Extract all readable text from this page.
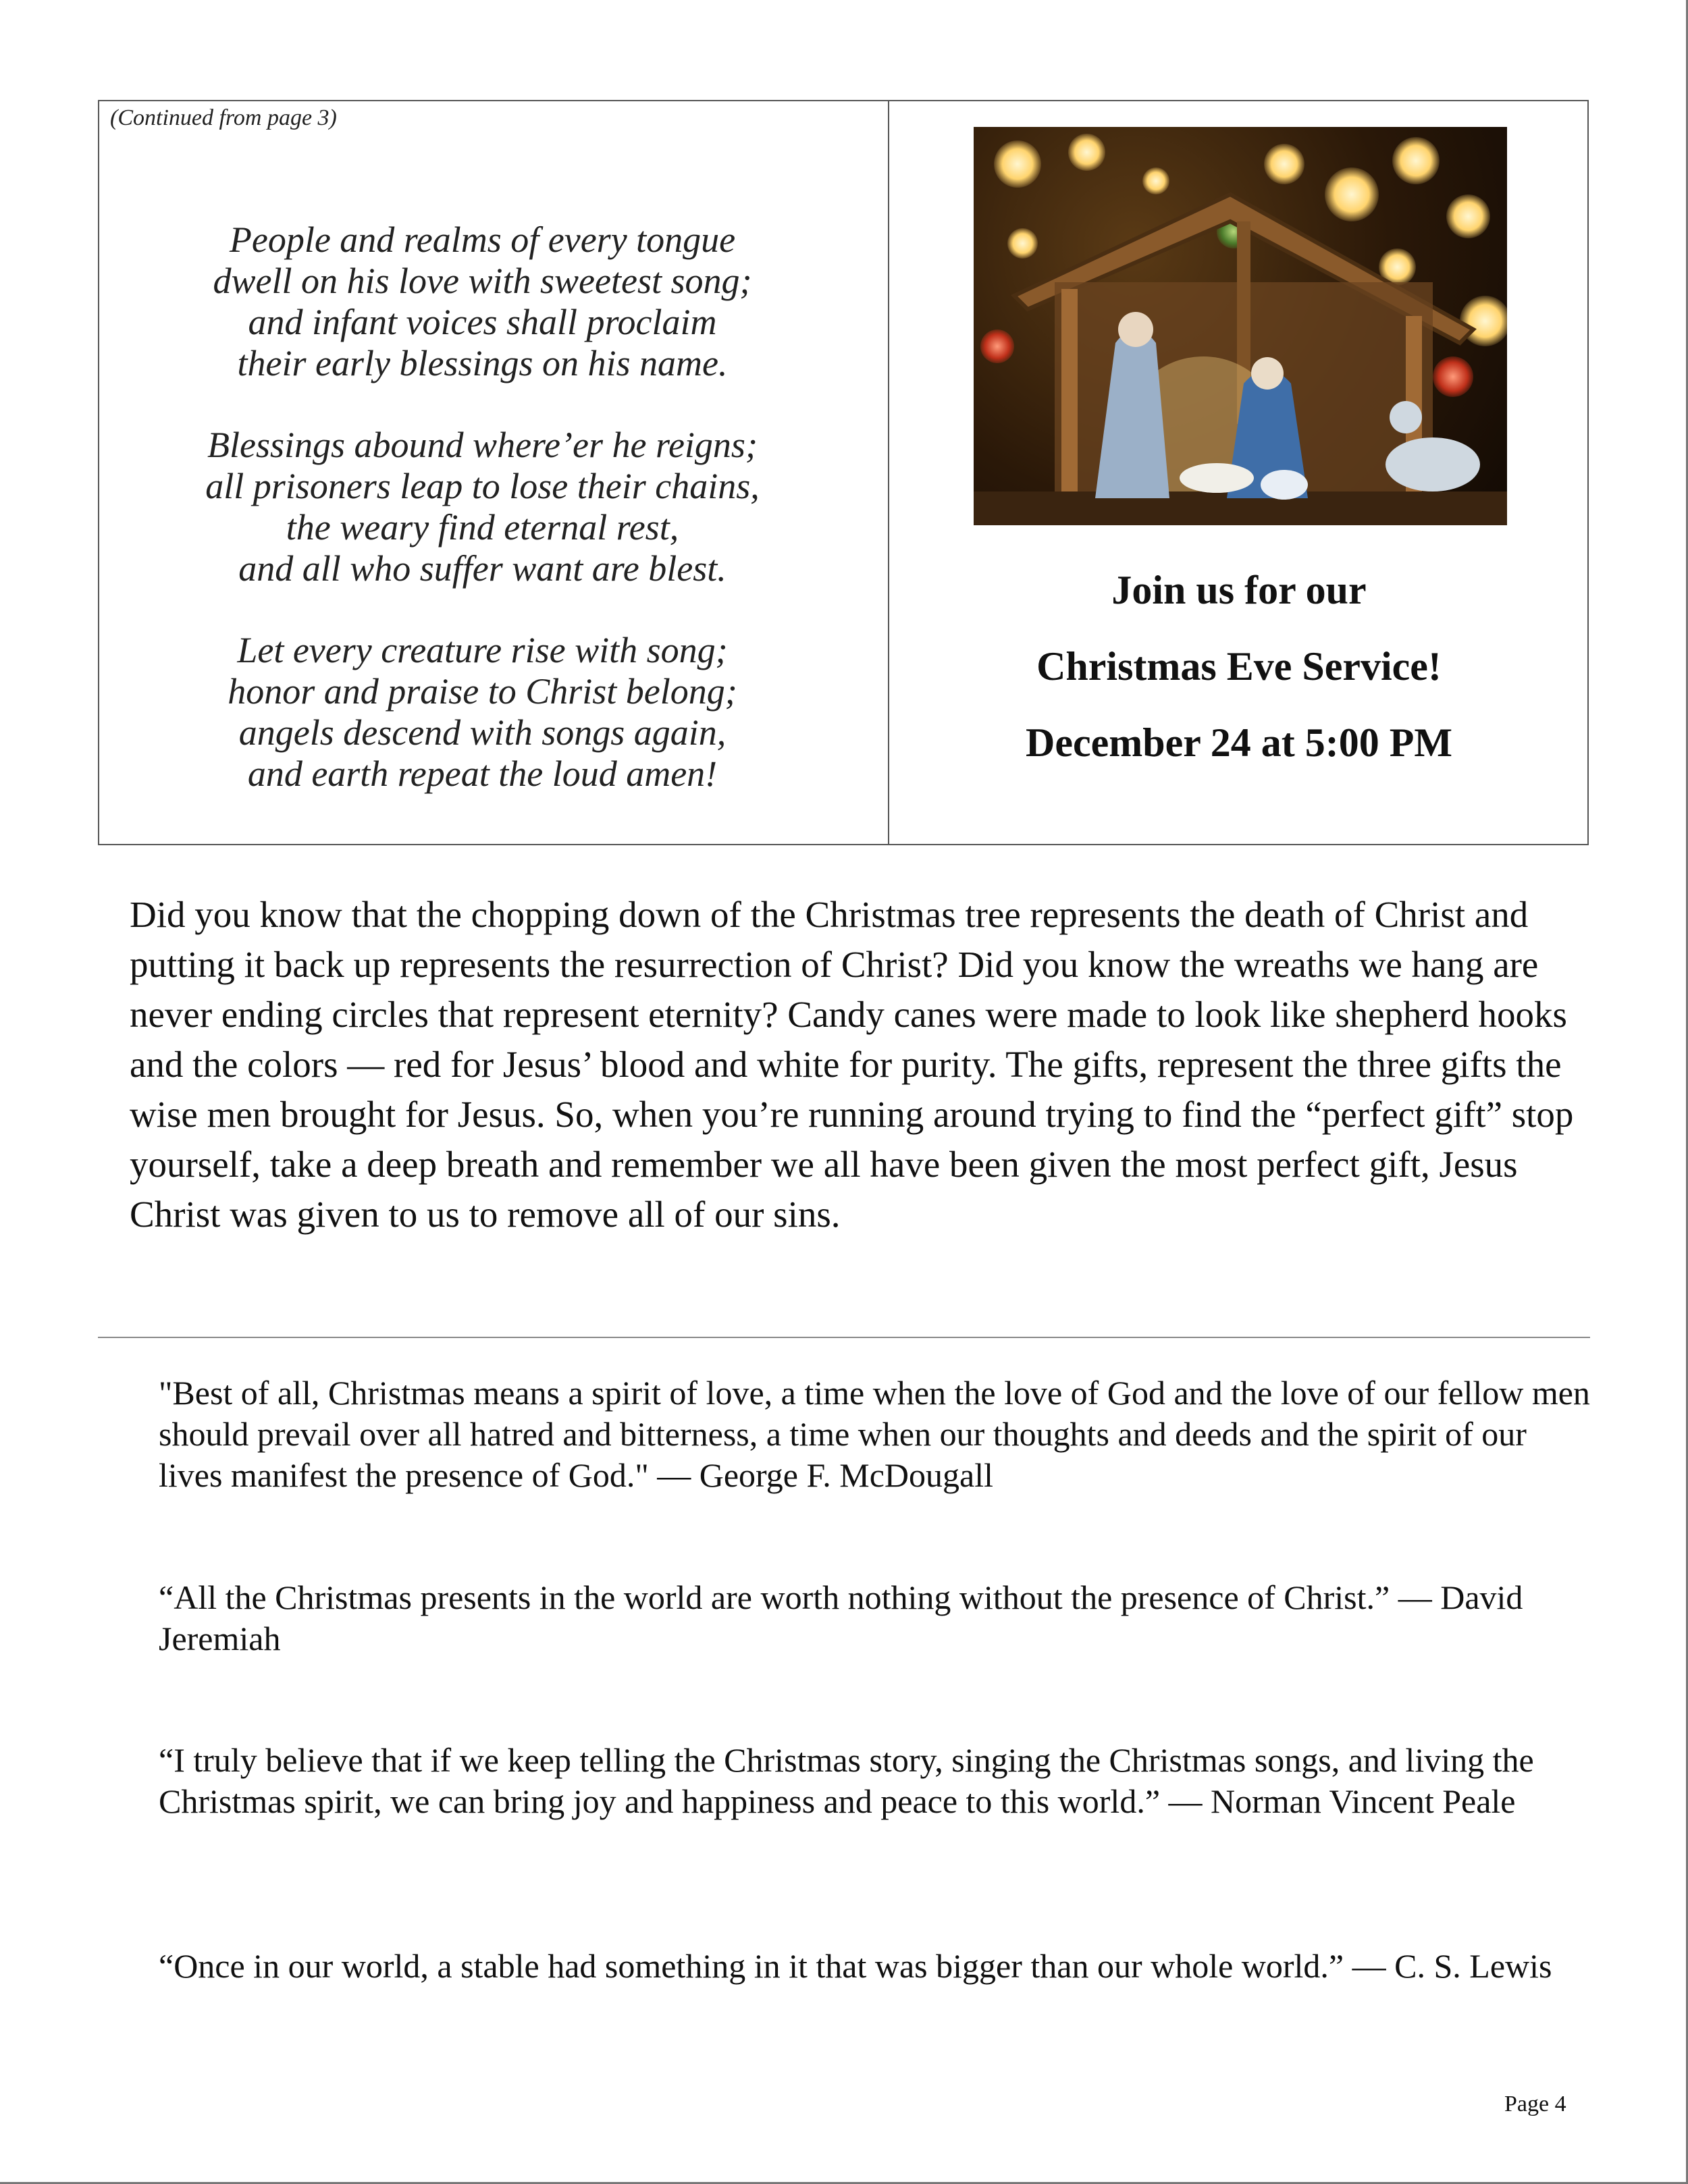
(Continued from page 3)
People and realms of every tongue
dwell on his love with sweetest song;
and infant voices shall proclaim
their early blessings on his name.
Blessings abound where’er he reigns;
all prisoners leap to lose their chains,
the weary find eternal rest,
and all who suffer want are blest.
Let every creature rise with song;
honor and praise to Christ belong;
angels descend with songs again,
and earth repeat the loud amen!
Join us for our
Christmas Eve Service!
December 24 at 5:00 PM

Did you know that the chopping down of the Christmas tree represents the death of Christ and putting it back up represents the resurrection of Christ? Did you know the wreaths we hang are never ending circles that represent eternity? Candy canes were made to look like shepherd hooks and the colors — red for Jesus’ blood and white for purity. The gifts, represent the three gifts the wise men brought for Jesus. So, when you’re running around trying to find the “perfect gift” stop yourself, take a deep breath and remember we all have been given the most perfect gift, Jesus Christ was given to us to remove all of our sins.

"Best of all, Christmas means a spirit of love, a time when the love of God and the love of our fellow men should prevail over all hatred and bitterness, a time when our thoughts and deeds and the spirit of our lives manifest the presence of God." — George F. McDougall
“All the Christmas presents in the world are worth nothing without the presence of Christ.” — David Jeremiah
“I truly believe that if we keep telling the Christmas story, singing the Christmas songs, and living the Christmas spirit, we can bring joy and happiness and peace to this world.” — Norman Vincent Peale
“Once in our world, a stable had something in it that was bigger than our whole world.” — C. S. Lewis
Page 4
